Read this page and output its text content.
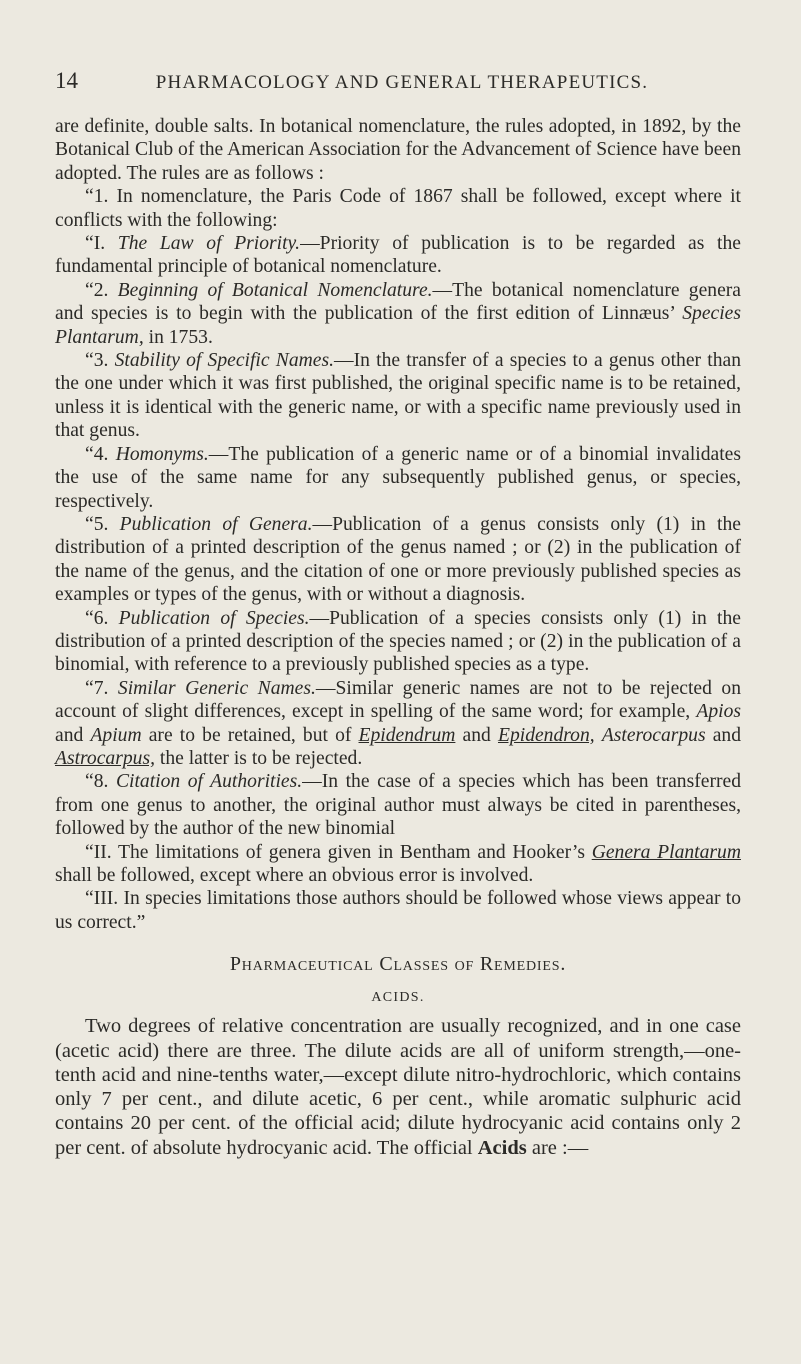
14	PHARMACOLOGY AND GENERAL THERAPEUTICS.

are definite, double salts. In botanical nomenclature, the rules adopted, in 1892, by the Botanical Club of the American Association for the Advancement of Science have been adopted. The rules are as follows :

“1. In nomenclature, the Paris Code of 1867 shall be followed, except where it conflicts with the following:

“I. The Law of Priority.—Priority of publication is to be regarded as the fundamental principle of botanical nomenclature.

“2. Beginning of Botanical Nomenclature.—The botanical nomenclature genera and species is to begin with the publication of the first edition of Linnæus’ Species Plantarum, in 1753.

“3. Stability of Specific Names.—In the transfer of a species to a genus other than the one under which it was first published, the original specific name is to be retained, unless it is identical with the generic name, or with a specific name previously used in that genus.

“4. Homonyms.—The publication of a generic name or of a binomial invalidates the use of the same name for any subsequently published genus, or species, respectively.

“5. Publication of Genera.—Publication of a genus consists only (1) in the distribution of a printed description of the genus named ; or (2) in the publication of the name of the genus, and the citation of one or more previously published species as examples or types of the genus, with or without a diagnosis.

“6. Publication of Species.—Publication of a species consists only (1) in the distribution of a printed description of the species named ; or (2) in the publication of a binomial, with reference to a previously published species as a type.

“7. Similar Generic Names.—Similar generic names are not to be rejected on account of slight differences, except in spelling of the same word; for example, Apios and Apium are to be retained, but of Epidendrum and Epidendron, Asterocarpus and Astrocarpus, the latter is to be rejected.

“8. Citation of Authorities.—In the case of a species which has been transferred from one genus to another, the original author must always be cited in parentheses, followed by the author of the new binomial

“II. The limitations of genera given in Bentham and Hooker’s Genera Plantarum shall be followed, except where an obvious error is involved.

“III. In species limitations those authors should be followed whose views appear to us correct.”

Pharmaceutical Classes of Remedies.
ACIDS.

Two degrees of relative concentration are usually recognized, and in one case (acetic acid) there are three. The dilute acids are all of uniform strength,—one-tenth acid and nine-tenths water,—except dilute nitro-hydrochloric, which contains only 7 per cent., and dilute acetic, 6 per cent., while aromatic sulphuric acid contains 20 per cent. of the official acid; dilute hydrocyanic acid contains only 2 per cent. of absolute hydrocyanic acid. The official Acids are :—
